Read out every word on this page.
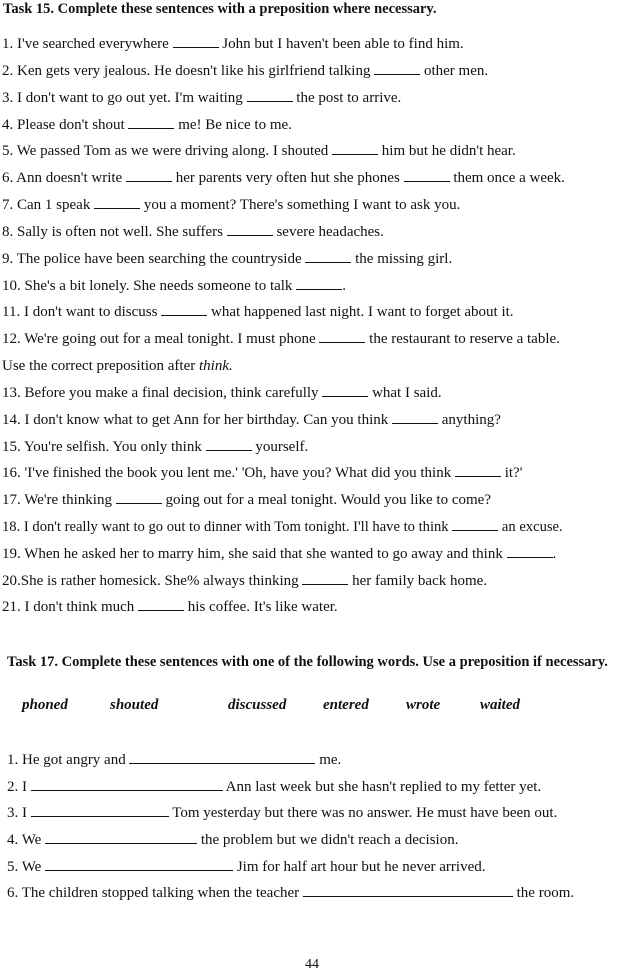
Task 15. Complete these sentences with a preposition where necessary.
1. I've searched everywhere	John but I haven't been able to find him.
2. Ken gets very jealous. He doesn't like his girlfriend talking	other men.
3. I don't want to go out yet. I'm waiting	the post to arrive.
4. Please don't shout	me! Be nice to me.
5. We passed Tom as we were driving along. I shouted	him but he didn't hear.
6. Ann doesn't write	her parents very often hut she phones	them once a week.
7. Can 1 speak	you a moment? There's something I want to ask you.
8. Sally is often not well. She suffers	severe headaches.
9. The police have been searching the countryside	the missing girl.
10. She's a bit lonely. She needs someone to talk	.
11. I don't want to discuss	what happened last night. I want to forget about it.
12. We're going out for a meal tonight. I must phone	the restaurant to reserve a table.
Use the correct preposition after think.
13. Before you make a final decision, think carefully	what I said.
14. I don't know what to get Ann for her birthday. Can you think	anything?
15. You're selfish. You only think	yourself.
16. 'I've finished the book you lent me.' 'Oh, have you? What did you think	it?'
17. We're thinking	going out for a meal tonight. Would you like to come?
18. I don't really want to go out to dinner with Tom tonight. I'll have to think	an excuse.
19. When he asked her to marry him, she said that she wanted to go away and think	.
20.She is rather homesick. She% always thinking	her family back home.
21. I don't think much	his coffee. It's like water.
Task 17. Complete these sentences with one of the following words. Use a preposition if necessary.
phoned	shouted	discussed entered wrote	waited
1. He got angry and	me.
2. I	Ann last week but she hasn't replied to my fetter yet.
3. I	Tom yesterday but there was no answer. He must have been out.
4. We	the problem but we didn't reach a decision.
5. We	Jim for half art hour but he never arrived.
6. The children stopped talking when the teacher	the room.
44
